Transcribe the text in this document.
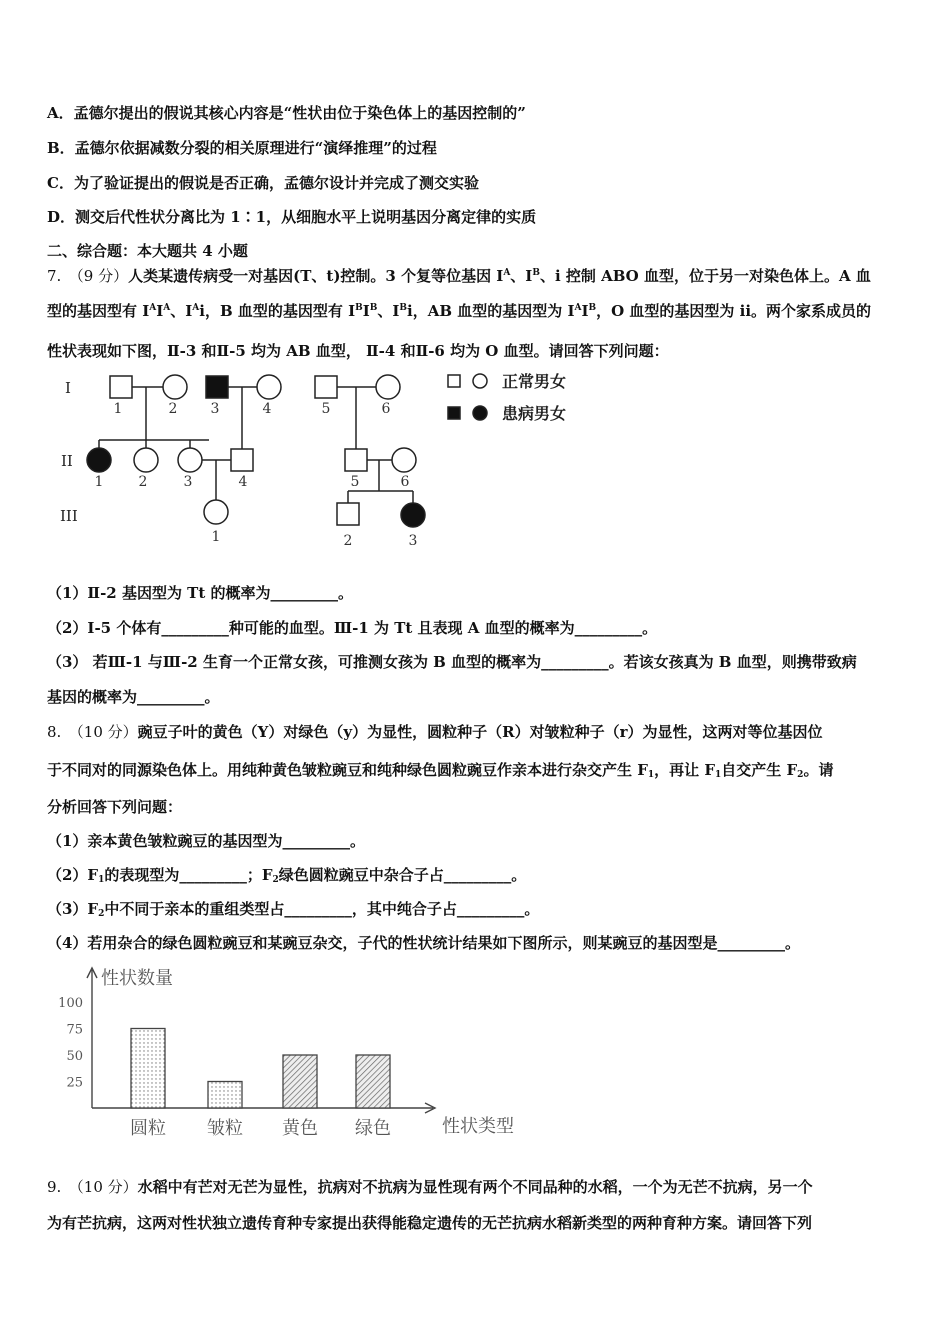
A．孟德尔提出的假说其核心内容是“性状由位于染色体上的基因控制的”
B．孟德尔依据减数分裂的相关原理进行“演绎推理”的过程
C．为了验证提出的假说是否正确，孟德尔设计并完成了测交实验
D．测交后代性状分离比为 1∶1，从细胞水平上说明基因分离定律的实质
二、综合题：本大题共 4 小题
7.　（9 分）人类某遗传病受一对基因(T、t)控制。3 个复等位基因 $I^A$、$I^B$、i 控制 ABO 血型，位于另一对染色体上。A 血
型的基因型有 $I^AI^A$、$I^Ai$，B 血型的基因型有 $I^BI^B$、$I^Bi$，AB 血型的基因型为 $I^AI^B$，O 血型的基因型为 ii。两个家系成员的
性状表现如下图，Ⅱ-3 和Ⅱ-5 均为 AB 血型， Ⅱ-4 和Ⅱ-6 均为 O 血型。请回答下列问题：
I
II
III
1	2 3	4	5	6
1	2	3	4	5	6
1	2	3
正常男女
患病男女
（1）Ⅱ-2 基因型为 Tt 的概率为_________。
（2）Ⅰ-5 个体有_________种可能的血型。Ⅲ-1 为 Tt 且表现 A 血型的概率为_________。
（3） 若Ⅲ-1 与Ⅲ-2 生育一个正常女孩，可推测女孩为 B 血型的概率为_________。若该女孩真为 B 血型，则携带致病
基因的概率为_________。
8.　（10 分）豌豆子叶的黄色（Y）对绿色（y）为显性，圆粒种子（R）对皱粒种子（r）为显性，这两对等位基因位
于不同对的同源染色体上。用纯种黄色皱粒豌豆和纯种绿色圆粒豌豆作亲本进行杂交产生 $F_1$，再让 $F_1$自交产生 $F_2$。请
分析回答下列问题：
（1）亲本黄色皱粒豌豆的基因型为_________。
$(2)F_1$的表现型为_________；$F_2$绿色圆粒豌豆中杂合子占_________。
$(3)F_2$中不同于亲本的重组类型占_________，其中纯合子占_________。
（4）若用杂合的绿色圆粒豌豆和某豌豆杂交，子代的性状统计结果如下图所示，则某豌豆的基因型是_________。
性状数量
性状类型
100
75
50
25
圆粒 皱粒 黄色 绿色
9.　（10 分）水稻中有芒对无芒为显性，抗病对不抗病为显性现有两个不同品种的水稻，一个为无芒不抗病，另一个
为有芒抗病，这两对性状独立遗传育种专家提出获得能稳定遗传的无芒抗病水稻新类型的两种育种方案。请回答下列
